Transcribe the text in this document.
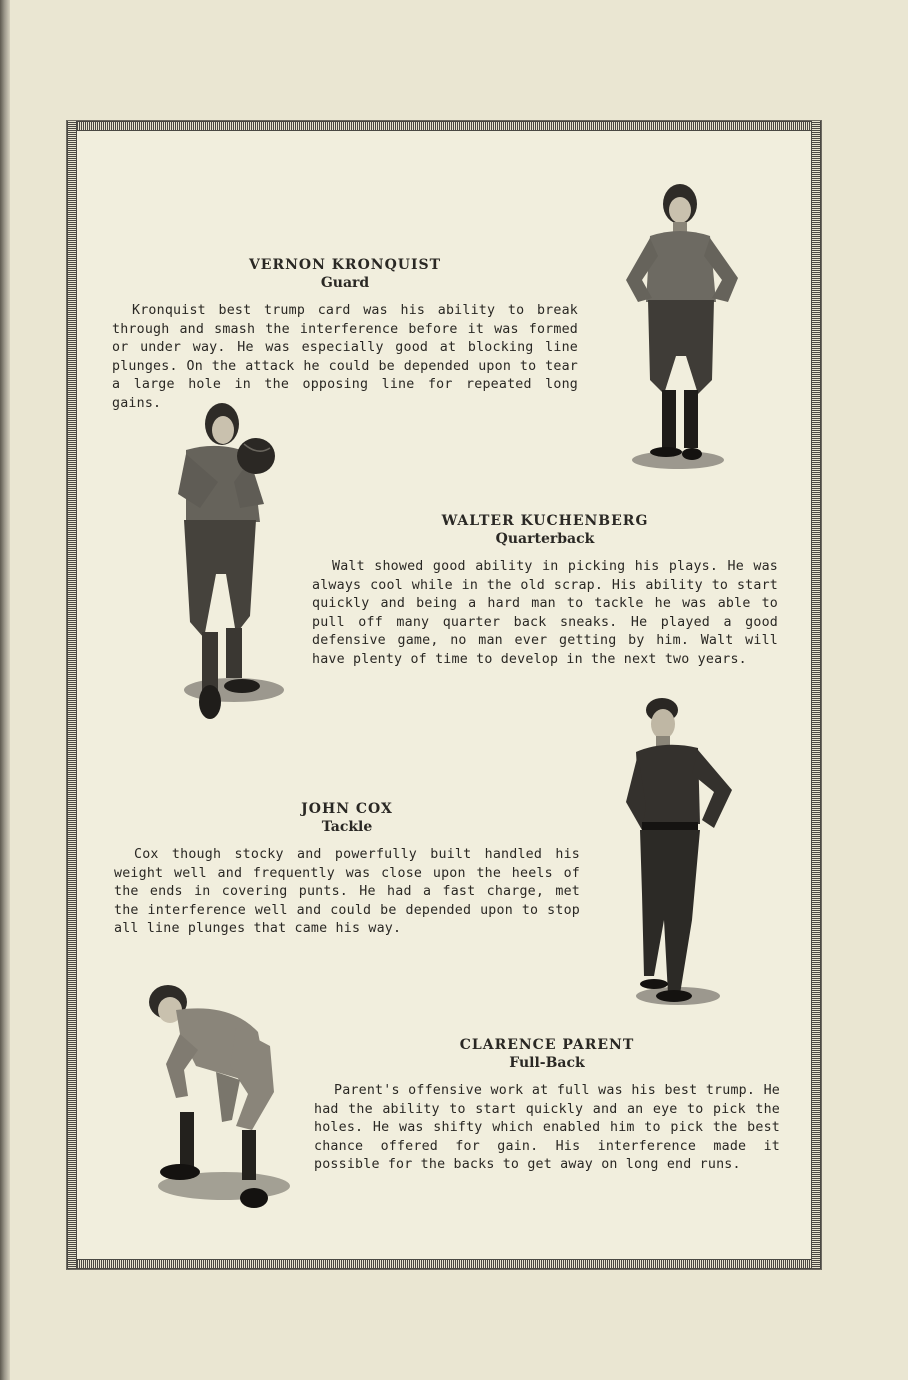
VERNON KRONQUIST
Guard
Kronquist best trump card was his ability to break through and smash the interference before it was formed or under way. He was especially good at blocking line plunges. On the attack he could be depended upon to tear a large hole in the opposing line for repeated long gains.
WALTER KUCHENBERG
Quarterback
Walt showed good ability in picking his plays. He was always cool while in the old scrap. His ability to start quickly and being a hard man to tackle he was able to pull off many quarter back sneaks. He played a good defensive game, no man ever getting by him. Walt will have plenty of time to develop in the next two years.
JOHN COX
Tackle
Cox though stocky and powerfully built handled his weight well and frequently was close upon the heels of the ends in covering punts. He had a fast charge, met the interference well and could be depended upon to stop all line plunges that came his way.
CLARENCE PARENT
Full-Back
Parent's offensive work at full was his best trump. He had the ability to start quickly and an eye to pick the holes. He was shifty which enabled him to pick the best chance offered for gain. His interference made it possible for the backs to get away on long end runs.
